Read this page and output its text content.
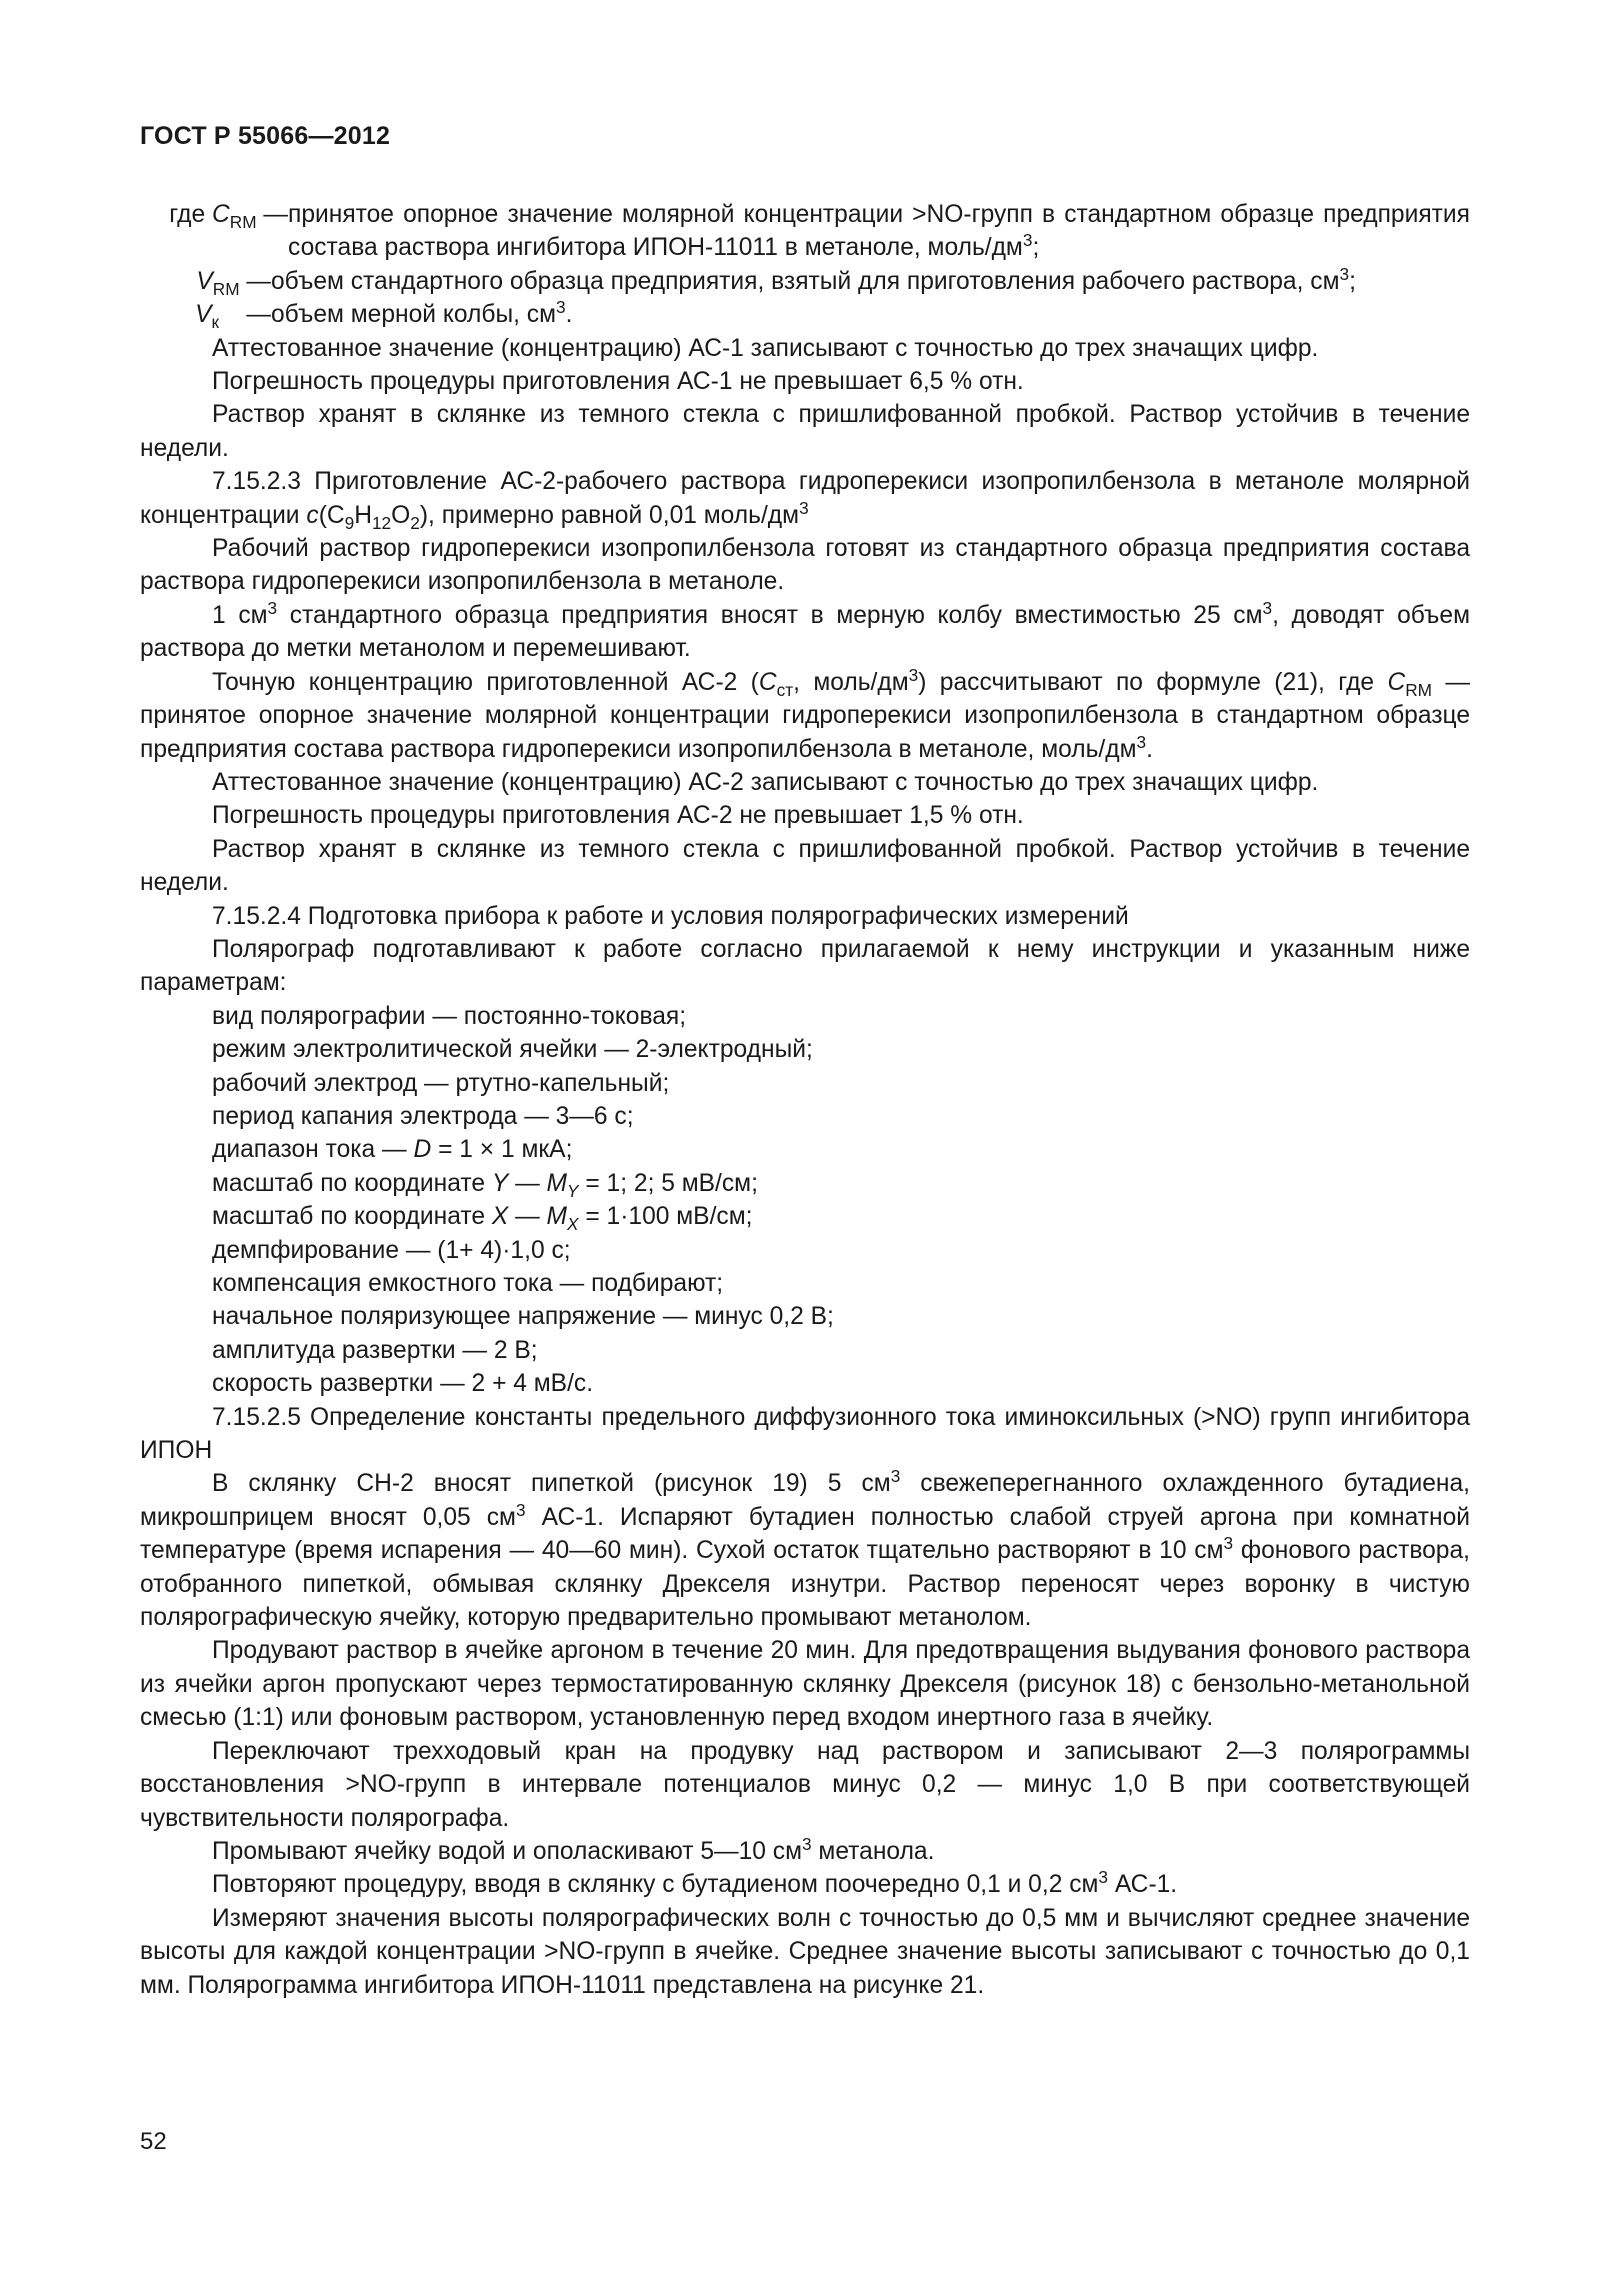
ГОСТ Р 55066—2012
где $C_{RM}$ — принятое опорное значение молярной концентрации >NO-групп в стандартном образце предприятия состава раствора ингибитора ИПОН-11011 в метаноле, моль/$дм^3$;
$V_{RM}$ — объем стандартного образца предприятия, взятый для приготовления рабочего раствора, $см^3$;
$V_к$    — объем мерной колбы, $см^3$.

Аттестованное значение (концентрацию) АС-1 записывают с точностью до трех значащих цифр.

Погрешность процедуры приготовления АС-1 не превышает 6,5 % отн.

Раствор хранят в склянке из темного стекла с пришлифованной пробкой. Раствор устойчив в течение недели.

7.15.2.3 Приготовление АС-2-рабочего раствора гидроперекиси изопропилбензола в метаноле молярной концентрации $c(C_9H_{12}O_2)$, примерно равной 0,01 моль/$дм^3$

Рабочий раствор гидроперекиси изопропилбензола готовят из стандартного образца предприятия состава раствора гидроперекиси изопропилбензола в метаноле.

1 $см^3$ стандартного образца предприятия вносят в мерную колбу вместимостью 25 $см^3$, доводят объем раствора до метки метанолом и перемешивают.

Точную концентрацию приготовленной АС-2 ($C_{ст}$, моль/$дм^3$) рассчитывают по формуле (21), где $C_{RM}$ — принятое опорное значение молярной концентрации гидроперекиси изопропилбензола в стандартном образце предприятия состава раствора гидроперекиси изопропилбензола в метаноле, моль/$дм^3$.

Аттестованное значение (концентрацию) АС-2 записывают с точностью до трех значащих цифр.

Погрешность процедуры приготовления АС-2 не превышает 1,5 % отн.

Раствор хранят в склянке из темного стекла с пришлифованной пробкой. Раствор устойчив в течение недели.

7.15.2.4 Подготовка прибора к работе и условия полярографических измерений

Полярограф подготавливают к работе согласно прилагаемой к нему инструкции и указанным ниже параметрам:

вид полярографии — постоянно-токовая;

режим электролитической ячейки — 2-электродный;

рабочий электрод — ртутно-капельный;

период капания электрода — 3—6 с;

диапазон тока — D = 1 × 1 мкА;

масштаб по координате Y — $M_Y = 1$; 2; 5 мВ/см;

масштаб по координате X — $M_X = 1\cdot 100$ мВ/см;

демпфирование — (1+ 4)·1,0 с;

компенсация емкостного тока — подбирают;

начальное поляризующее напряжение — минус 0,2 В;

амплитуда развертки — 2 В;

скорость развертки — 2 + 4 мВ/с.

7.15.2.5 Определение константы предельного диффузионного тока иминоксильных (>NO) групп ингибитора ИПОН

В склянку СН-2 вносят пипеткой (рисунок 19) 5 $см^3$ свежеперегнанного охлажденного бутадиена, микрошприцем вносят 0,05 $см^3$ АС-1. Испаряют бутадиен полностью слабой струей аргона при комнатной температуре (время испарения — 40—60 мин). Сухой остаток тщательно растворяют в 10 $см^3$ фонового раствора, отобранного пипеткой, обмывая склянку Дрекселя изнутри. Раствор переносят через воронку в чистую полярографическую ячейку, которую предварительно промывают метанолом.

Продувают раствор в ячейке аргоном в течение 20 мин. Для предотвращения выдувания фонового раствора из ячейки аргон пропускают через термостатированную склянку Дрекселя (рисунок 18) с бензольно-метанольной смесью (1:1) или фоновым раствором, установленную перед входом инертного газа в ячейку.

Переключают трехходовый кран на продувку над раствором и записывают 2—3 полярограммы восстановления >NO-групп в интервале потенциалов минус 0,2 — минус 1,0 В при соответствующей чувствительности полярографа.

Промывают ячейку водой и ополаскивают 5—10 $см^3$ метанола.

Повторяют процедуру, вводя в склянку с бутадиеном поочередно 0,1 и 0,2 $см^3$ АС-1.

Измеряют значения высоты полярографических волн с точностью до 0,5 мм и вычисляют среднее значение высоты для каждой концентрации >NO-групп в ячейке. Среднее значение высоты записывают с точностью до 0,1 мм. Полярограмма ингибитора ИПОН-11011 представлена на рисунке 21.

52
